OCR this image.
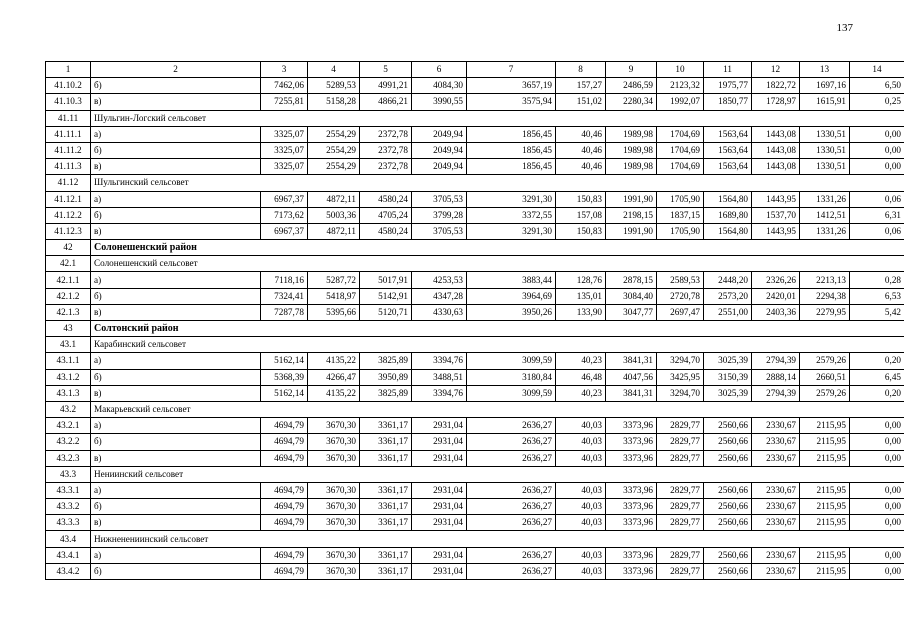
137
1	2	3	4	5	6	7	8	9	10	11	12	13	14
41.10.2	б)	7462,06	5289,53	4991,21	4084,30	3657,19	157,27	2486,59	2123,32	1975,77	1822,72	1697,16	6,50
41.10.3	в)	7255,81	5158,28	4866,21	3990,55	3575,94	151,02	2280,34	1992,07	1850,77	1728,97	1615,91	0,25
41.11	Шульгин-Логский сельсовет												
41.11.1	а)	3325,07	2554,29	2372,78	2049,94	1856,45	40,46	1989,98	1704,69	1563,64	1443,08	1330,51	0,00
41.11.2	б)	3325,07	2554,29	2372,78	2049,94	1856,45	40,46	1989,98	1704,69	1563,64	1443,08	1330,51	0,00
41.11.3	в)	3325,07	2554,29	2372,78	2049,94	1856,45	40,46	1989,98	1704,69	1563,64	1443,08	1330,51	0,00
41.12	Шульгинский сельсовет												
41.12.1	а)	6967,37	4872,11	4580,24	3705,53	3291,30	150,83	1991,90	1705,90	1564,80	1443,95	1331,26	0,06
41.12.2	б)	7173,62	5003,36	4705,24	3799,28	3372,55	157,08	2198,15	1837,15	1689,80	1537,70	1412,51	6,31
41.12.3	в)	6967,37	4872,11	4580,24	3705,53	3291,30	150,83	1991,90	1705,90	1564,80	1443,95	1331,26	0,06
42	Солонешенский район												
42.1	Солонешенский сельсовет												
42.1.1	а)	7118,16	5287,72	5017,91	4253,53	3883,44	128,76	2878,15	2589,53	2448,20	2326,26	2213,13	0,28
42.1.2	б)	7324,41	5418,97	5142,91	4347,28	3964,69	135,01	3084,40	2720,78	2573,20	2420,01	2294,38	6,53
42.1.3	в)	7287,78	5395,66	5120,71	4330,63	3950,26	133,90	3047,77	2697,47	2551,00	2403,36	2279,95	5,42
43	Солтонский район												
43.1	Карабинский сельсовет												
43.1.1	а)	5162,14	4135,22	3825,89	3394,76	3099,59	40,23	3841,31	3294,70	3025,39	2794,39	2579,26	0,20
43.1.2	б)	5368,39	4266,47	3950,89	3488,51	3180,84	46,48	4047,56	3425,95	3150,39	2888,14	2660,51	6,45
43.1.3	в)	5162,14	4135,22	3825,89	3394,76	3099,59	40,23	3841,31	3294,70	3025,39	2794,39	2579,26	0,20
43.2	Макарьевский сельсовет												
43.2.1	а)	4694,79	3670,30	3361,17	2931,04	2636,27	40,03	3373,96	2829,77	2560,66	2330,67	2115,95	0,00
43.2.2	б)	4694,79	3670,30	3361,17	2931,04	2636,27	40,03	3373,96	2829,77	2560,66	2330,67	2115,95	0,00
43.2.3	в)	4694,79	3670,30	3361,17	2931,04	2636,27	40,03	3373,96	2829,77	2560,66	2330,67	2115,95	0,00
43.3	Нениинский сельсовет												
43.3.1	а)	4694,79	3670,30	3361,17	2931,04	2636,27	40,03	3373,96	2829,77	2560,66	2330,67	2115,95	0,00
43.3.2	б)	4694,79	3670,30	3361,17	2931,04	2636,27	40,03	3373,96	2829,77	2560,66	2330,67	2115,95	0,00
43.3.3	в)	4694,79	3670,30	3361,17	2931,04	2636,27	40,03	3373,96	2829,77	2560,66	2330,67	2115,95	0,00
43.4	Нижненениинский сельсовет												
43.4.1	а)	4694,79	3670,30	3361,17	2931,04	2636,27	40,03	3373,96	2829,77	2560,66	2330,67	2115,95	0,00
43.4.2	б)	4694,79	3670,30	3361,17	2931,04	2636,27	40,03	3373,96	2829,77	2560,66	2330,67	2115,95	0,00
